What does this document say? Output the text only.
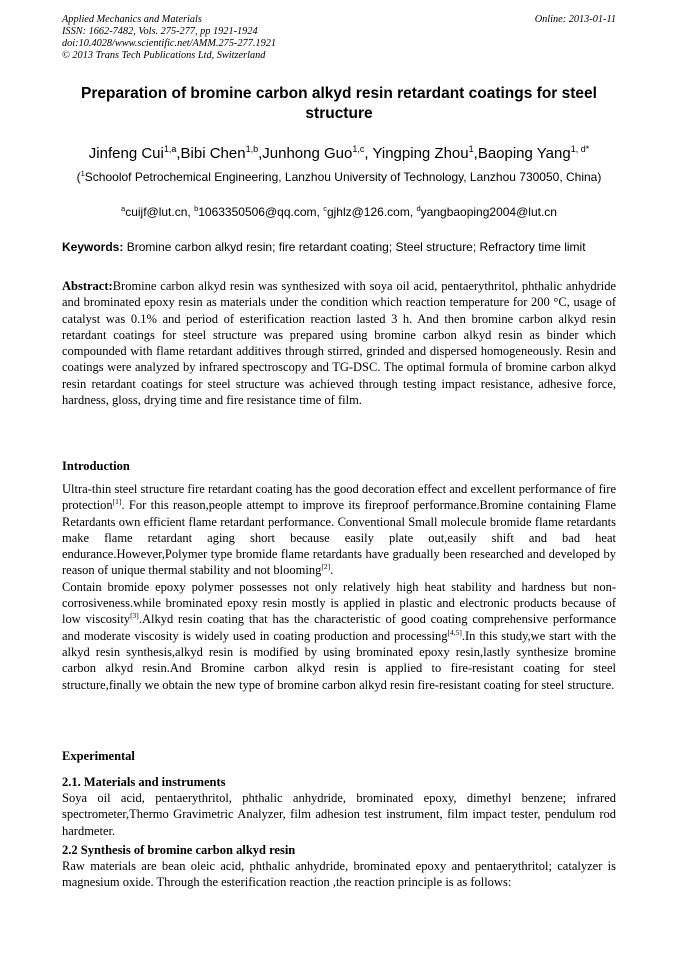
Applied Mechanics and Materials
ISSN: 1662-7482, Vols. 275-277, pp 1921-1924
doi:10.4028/www.scientific.net/AMM.275-277.1921
© 2013 Trans Tech Publications Ltd, Switzerland
Online: 2013-01-11
Preparation of bromine carbon alkyd resin retardant coatings for steel structure
Jinfeng Cui$^{1,a}$,Bibi Chen$^{1,b}$,Junhong Guo$^{1,c}$, Yingping Zhou$^1$,Baoping Yang$^{1, d*}$
($^1$Schoolof Petrochemical Engineering, Lanzhou University of Technology, Lanzhou 730050, China)
$^a$cuijf@lut.cn, $^b$1063350506@qq.com, $^c$gjhlz@126.com, $^d$yangbaoping2004@lut.cn
Keywords: Bromine carbon alkyd resin; fire retardant coating; Steel structure; Refractory time limit

Abstract:Bromine carbon alkyd resin was synthesized with soya oil acid, pentaerythritol, phthalic anhydride and brominated epoxy resin as materials under the condition which reaction temperature for 200 °C, usage of catalyst was 0.1% and period of esterification reaction lasted 3 h. And then bromine carbon alkyd resin retardant coatings for steel structure was prepared using bromine carbon alkyd resin as binder which compounded with flame retardant additives through stirred, grinded and dispersed homogeneously. Resin and coatings were analyzed by infrared spectroscopy and TG-DSC. The optimal formula of bromine carbon alkyd resin retardant coatings for steel structure was achieved through testing impact resistance, adhesive force, hardness, gloss, drying time and fire resistance time of film.

Introduction

Ultra-thin steel structure fire retardant coating has the good decoration effect and excellent performance of fire protection[1]. For this reason,people attempt to improve its fireproof performance.Bromine containing Flame Retardants own efficient flame retardant performance. Conventional Small molecule bromide flame retardants make flame retardant aging short because easily plate out,easily shift and bad heat endurance.However,Polymer type bromide flame retardants have gradually been researched and developed by reason of unique thermal stability and not blooming[2].

Contain bromide epoxy polymer possesses not only relatively high heat stability and hardness but non-corrosiveness.while brominated epoxy resin mostly is applied in plastic and electronic products because of low viscosity[3].Alkyd resin coating that has the characteristic of good coating comprehensive performance and moderate viscosity is widely used in coating production and processing[4,5].In this study,we start with the alkyd resin synthesis,alkyd resin is modified by using brominated epoxy resin,lastly synthesize bromine carbon alkyd resin.And Bromine carbon alkyd resin is applied to fire-resistant coating for steel structure,finally we obtain the new type of bromine carbon alkyd resin fire-resistant coating for steel structure.

Experimental
2.1. Materials and instruments
Soya oil acid, pentaerythritol, phthalic anhydride, brominated epoxy, dimethyl benzene; infrared spectrometer,Thermo Gravimetric Analyzer, film adhesion test instrument, film impact tester, pendulum rod hardmeter.
2.2 Synthesis of bromine carbon alkyd resin
Raw materials are bean oleic acid, phthalic anhydride, brominated epoxy and pentaerythritol; catalyzer is magnesium oxide. Through the esterification reaction ,the reaction principle is as follows:
